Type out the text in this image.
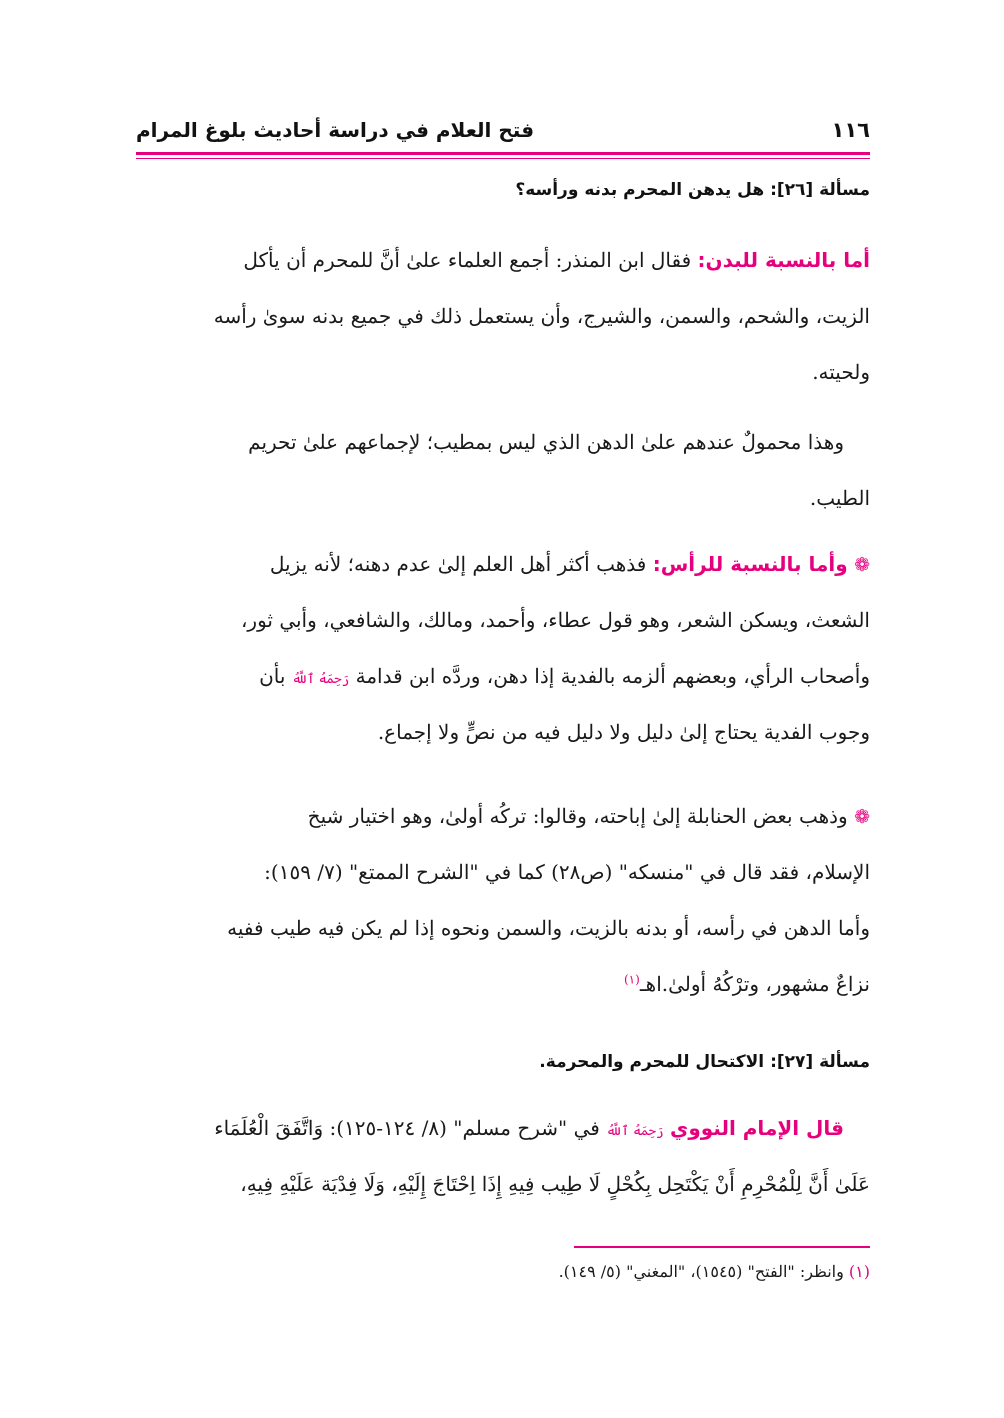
١١٦
فتح العلام في دراسة أحاديث بلوغ المرام
مسألة [٢٦]: هل يدهن المحرم بدنه ورأسه؟
أما بالنسبة للبدن: فقال ابن المنذر: أجمع العلماء علىٰ أنَّ للمحرم أن يأكل
الزيت، والشحم، والسمن، والشيرج، وأن يستعمل ذلك في جميع بدنه سوىٰ رأسه
ولحيته.
وهذا محمولٌ عندهم علىٰ الدهن الذي ليس بمطيب؛ لإجماعهم علىٰ تحريم
الطيب.
❁ وأما بالنسبة للرأس: فذهب أكثر أهل العلم إلىٰ عدم دهنه؛ لأنه يزيل
الشعث، ويسكن الشعر، وهو قول عطاء، وأحمد، ومالك، والشافعي، وأبي ثور،
وأصحاب الرأي، وبعضهم ألزمه بالفدية إذا دهن، وردَّه ابن قدامة رَحِمَهُ ٱللَّهُ بأن
وجوب الفدية يحتاج إلىٰ دليل ولا دليل فيه من نصٍّ ولا إجماع.
❁ وذهب بعض الحنابلة إلىٰ إباحته، وقالوا: تركُه أولىٰ، وهو اختيار شيخ
الإسلام، فقد قال في "منسكه" (ص٢٨) كما في "الشرح الممتع" (٧/ ١٥٩):
وأما الدهن في رأسه، أو بدنه بالزيت، والسمن ونحوه إذا لم يكن فيه طيب ففيه
نزاعٌ مشهور، وترْكُهُ أولىٰ.اهـ$^{(١)}$
مسألة [٢٧]: الاكتحال للمحرم والمحرمة.
قال الإمام النووي رَحِمَهُ ٱللَّهُ في "شرح مسلم" (٨/ ١٢٤-١٢٥): وَاتَّفَقَ الْعُلَمَاء
عَلَىٰ أَنَّ لِلْمُحْرِمِ أَنْ يَكْتَحِل بِكُحْلٍ لَا طِيب فِيهِ إِذَا اِحْتَاجَ إِلَيْهِ، وَلَا فِدْيَة عَلَيْهِ فِيهِ،
(١) وانظر: "الفتح" (١٥٤٥)، "المغني" (٥/ ١٤٩).
